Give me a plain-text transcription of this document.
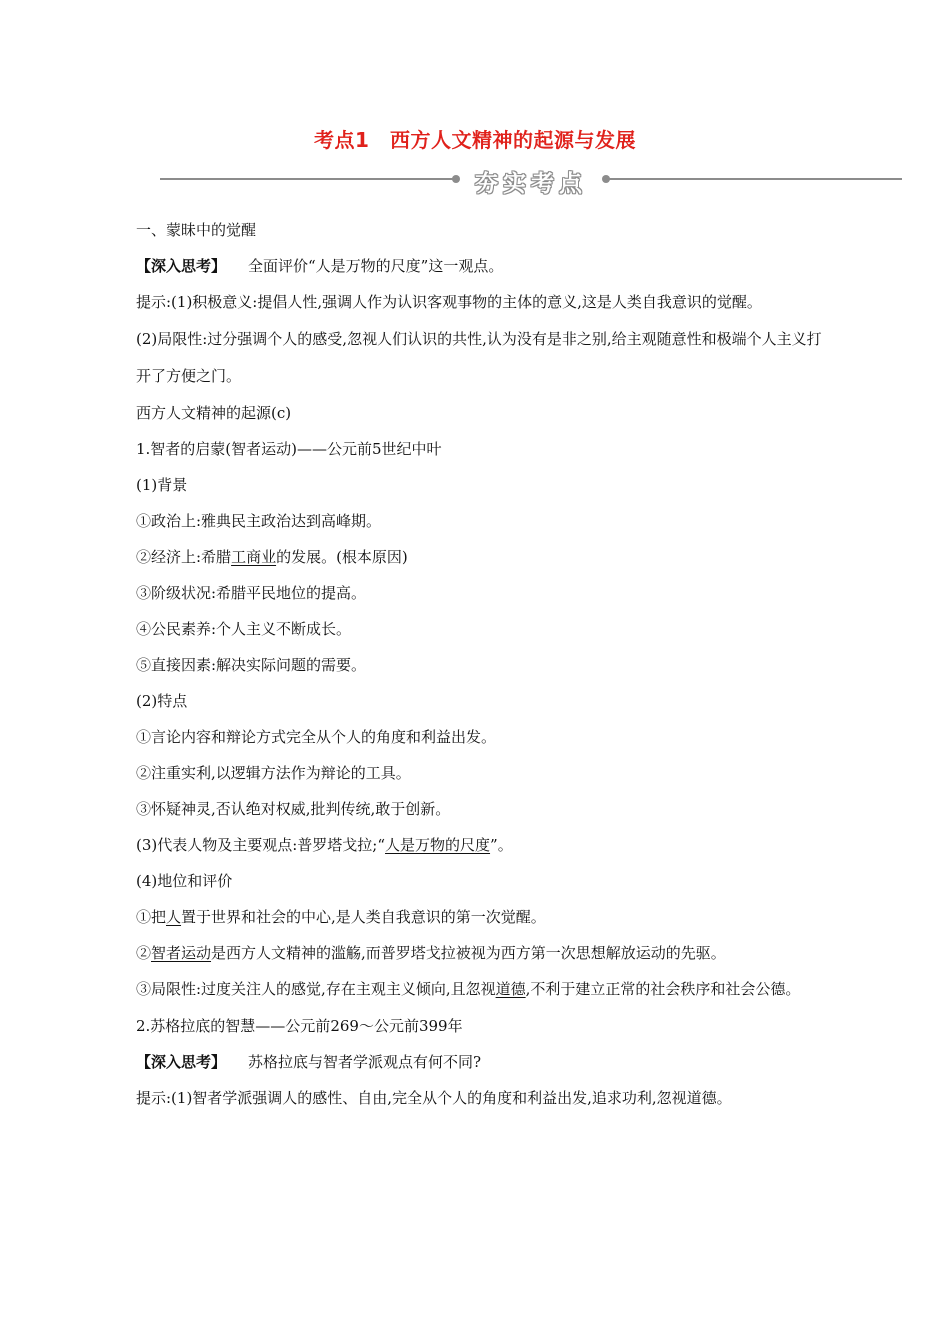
考点1　西方人文精神的起源与发展
夯实考点

一、蒙昧中的觉醒

【深入思考】 全面评价“人是万物的尺度”这一观点。

提示:(1)积极意义:提倡人性,强调人作为认识客观事物的主体的意义,这是人类自我意识的觉醒。

(2)局限性:过分强调个人的感受,忽视人们认识的共性,认为没有是非之别,给主观随意性和极端个人主义打开了方便之门。

西方人文精神的起源(c)

1.智者的启蒙(智者运动)——公元前5世纪中叶

(1)背景

①政治上:雅典民主政治达到高峰期。

②经济上:希腊工商业的发展。(根本原因)

③阶级状况:希腊平民地位的提高。

④公民素养:个人主义不断成长。

⑤直接因素:解决实际问题的需要。

(2)特点

①言论内容和辩论方式完全从个人的角度和利益出发。

②注重实利,以逻辑方法作为辩论的工具。

③怀疑神灵,否认绝对权威,批判传统,敢于创新。

(3)代表人物及主要观点:普罗塔戈拉;“人是万物的尺度”。

(4)地位和评价

①把人置于世界和社会的中心,是人类自我意识的第一次觉醒。

②智者运动是西方人文精神的滥觞,而普罗塔戈拉被视为西方第一次思想解放运动的先驱。

③局限性:过度关注人的感觉,存在主观主义倾向,且忽视道德,不利于建立正常的社会秩序和社会公德。

2.苏格拉底的智慧——公元前269～公元前399年

【深入思考】 苏格拉底与智者学派观点有何不同?

提示:(1)智者学派强调人的感性、自由,完全从个人的角度和利益出发,追求功利,忽视道德。
